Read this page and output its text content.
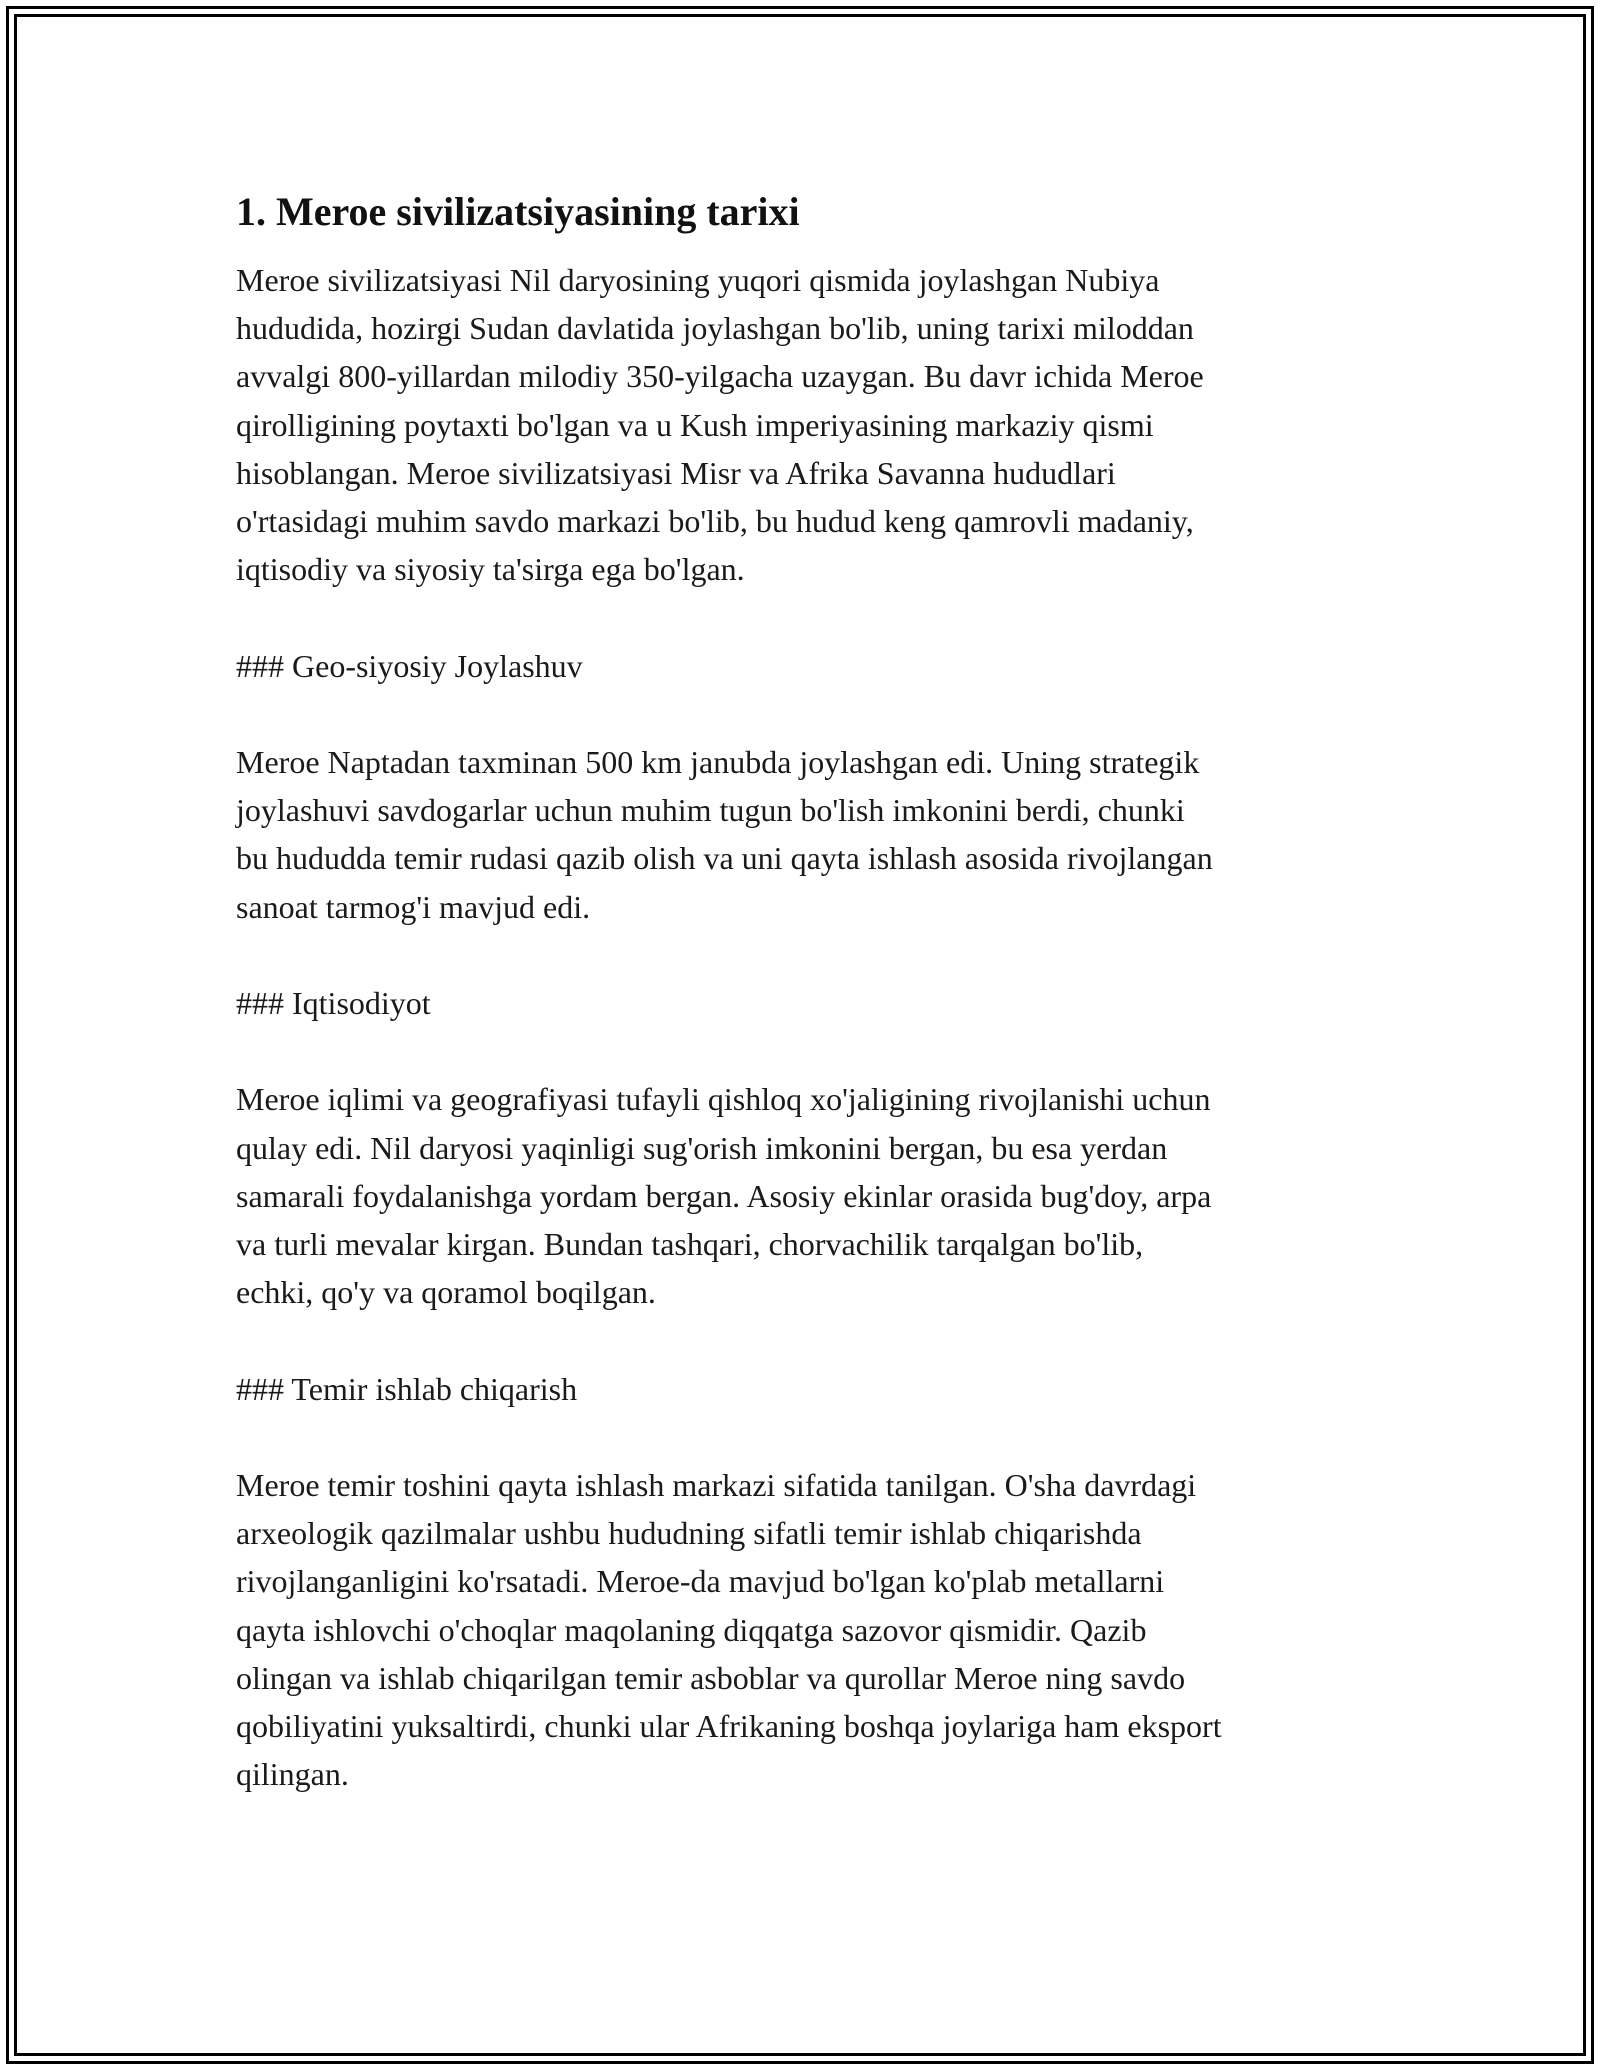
1. Meroe sivilizatsiyasining tarixi
Meroe sivilizatsiyasi Nil daryosining yuqori qismida joylashgan Nubiya
hududida, hozirgi Sudan davlatida joylashgan bo'lib, uning tarixi miloddan
avvalgi 800-yillardan milodiy 350-yilgacha uzaygan. Bu davr ichida Meroe
qirolligining poytaxti bo'lgan va u Kush imperiyasining markaziy qismi
hisoblangan. Meroe sivilizatsiyasi Misr va Afrika Savanna hududlari
o'rtasidagi muhim savdo markazi bo'lib, bu hudud keng qamrovli madaniy,
iqtisodiy va siyosiy ta'sirga ega bo'lgan.
### Geo-siyosiy Joylashuv
Meroe Naptadan taxminan 500 km janubda joylashgan edi. Uning strategik
joylashuvi savdogarlar uchun muhim tugun bo'lish imkonini berdi, chunki
bu hududda temir rudasi qazib olish va uni qayta ishlash asosida rivojlangan
sanoat tarmog'i mavjud edi.
### Iqtisodiyot
Meroe iqlimi va geografiyasi tufayli qishloq xo'jaligining rivojlanishi uchun
qulay edi. Nil daryosi yaqinligi sug'orish imkonini bergan, bu esa yerdan
samarali foydalanishga yordam bergan. Asosiy ekinlar orasida bug'doy, arpa
va turli mevalar kirgan. Bundan tashqari, chorvachilik tarqalgan bo'lib,
echki, qo'y va qoramol boqilgan.
### Temir ishlab chiqarish
Meroe temir toshini qayta ishlash markazi sifatida tanilgan. O'sha davrdagi
arxeologik qazilmalar ushbu hududning sifatli temir ishlab chiqarishda
rivojlanganligini ko'rsatadi. Meroe-da mavjud bo'lgan ko'plab metallarni
qayta ishlovchi o'choqlar maqolaning diqqatga sazovor qismidir. Qazib
olingan va ishlab chiqarilgan temir asboblar va qurollar Meroe ning savdo
qobiliyatini yuksaltirdi, chunki ular Afrikaning boshqa joylariga ham eksport
qilingan.
